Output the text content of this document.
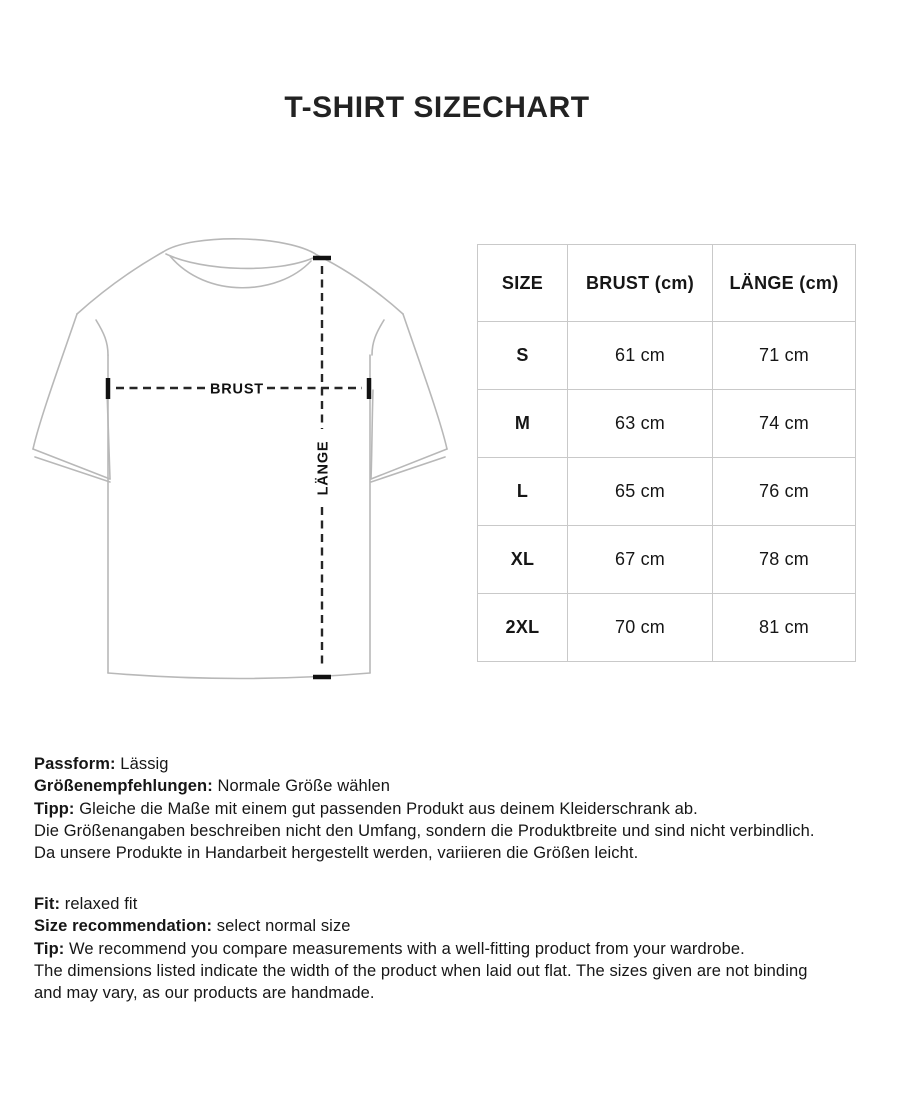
T-SHIRT SIZECHART
BRUST
LÄNGE
SIZE	BRUST (cm)	LÄNGE (cm)
S	61 cm	71 cm
M	63 cm	74 cm
L	65 cm	76 cm
XL	67 cm	78 cm
2XL	70 cm	81 cm
Passform: Lässig
Größenempfehlungen: Normale Größe wählen
Tipp: Gleiche die Maße mit einem gut passenden Produkt aus deinem Kleiderschrank ab.
Die Größenangaben beschreiben nicht den Umfang, sondern die Produktbreite und sind nicht verbindlich.
Da unsere Produkte in Handarbeit hergestellt werden, variieren die Größen leicht.
Fit: relaxed fit
Size recommendation: select normal size
Tip: We recommend you compare measurements with a well-fitting product from your wardrobe.
The dimensions listed indicate the width of the product when laid out flat. The sizes given are not binding
and may vary, as our products are handmade.
